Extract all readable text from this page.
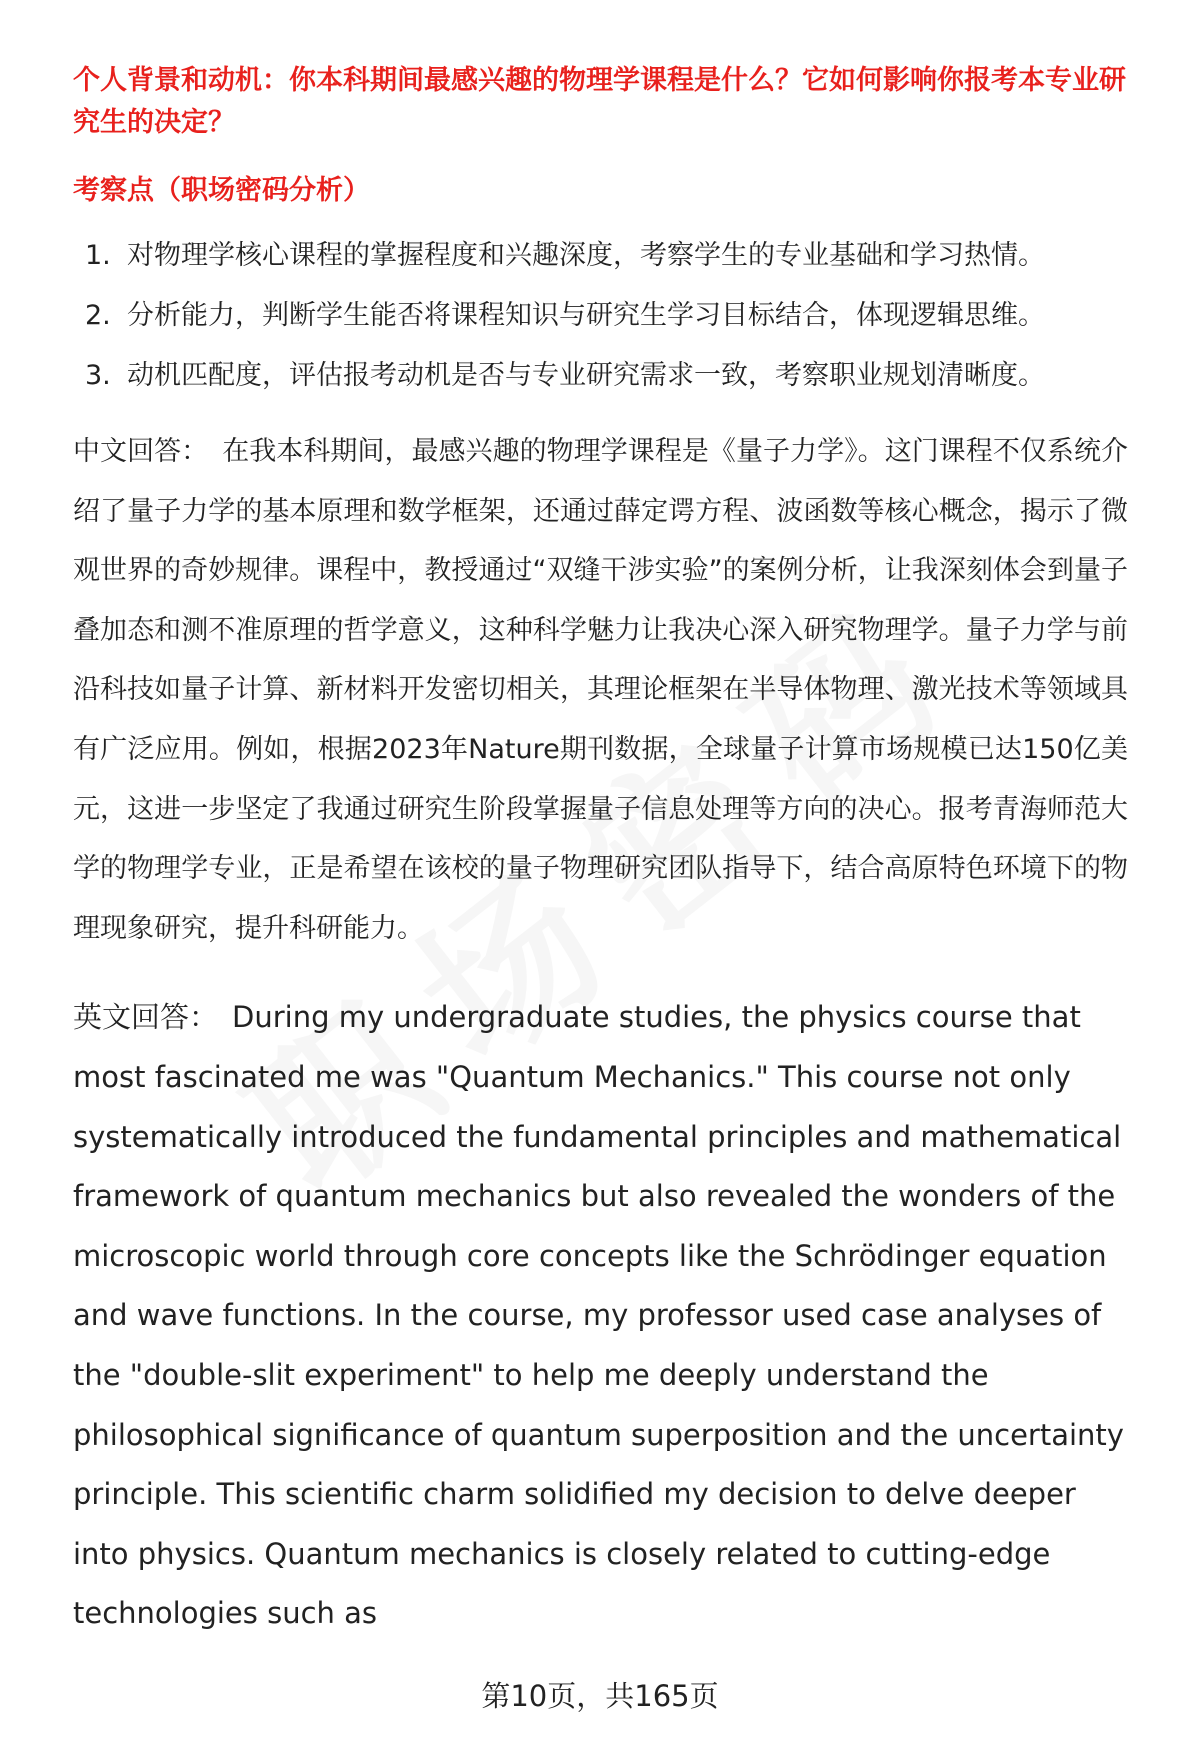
个人背景和动机：你本科期间最感兴趣的物理学课程是什么？它如何影响你报考本专业研究生的决定？
考察点（职场密码分析）
1. 对物理学核心课程的掌握程度和兴趣深度，考察学生的专业基础和学习热情。
2. 分析能力，判断学生能否将课程知识与研究生学习目标结合，体现逻辑思维。
3. 动机匹配度，评估报考动机是否与专业研究需求一致，考察职业规划清晰度。

中文回答： 在我本科期间，最感兴趣的物理学课程是《量子力学》。这门课程不仅系统介绍了量子力学的基本原理和数学框架，还通过薛定谔方程、波函数等核心概念，揭示了微观世界的奇妙规律。课程中，教授通过“双缝干涉实验”的案例分析，让我深刻体会到量子叠加态和测不准原理的哲学意义，这种科学魅力让我决心深入研究物理学。量子力学与前沿科技如量子计算、新材料开发密切相关，其理论框架在半导体物理、激光技术等领域具有广泛应用。例如，根据2023年Nature期刊数据，全球量子计算市场规模已达150亿美元，这进一步坚定了我通过研究生阶段掌握量子信息处理等方向的决心。报考青海师范大学的物理学专业，正是希望在该校的量子物理研究团队指导下，结合高原特色环境下的物理现象研究，提升科研能力。

英文回答： During my undergraduate studies, the physics course that most fascinated me was "Quantum Mechanics." This course not only systematically introduced the fundamental principles and mathematical framework of quantum mechanics but also revealed the wonders of the microscopic world through core concepts like the Schrödinger equation and wave functions. In the course, my professor used case analyses of the "double-slit experiment" to help me deeply understand the philosophical significance of quantum superposition and the uncertainty principle. This scientific charm solidified my decision to delve deeper into physics. Quantum mechanics is closely related to cutting-edge technologies such as

第10页，共165页
